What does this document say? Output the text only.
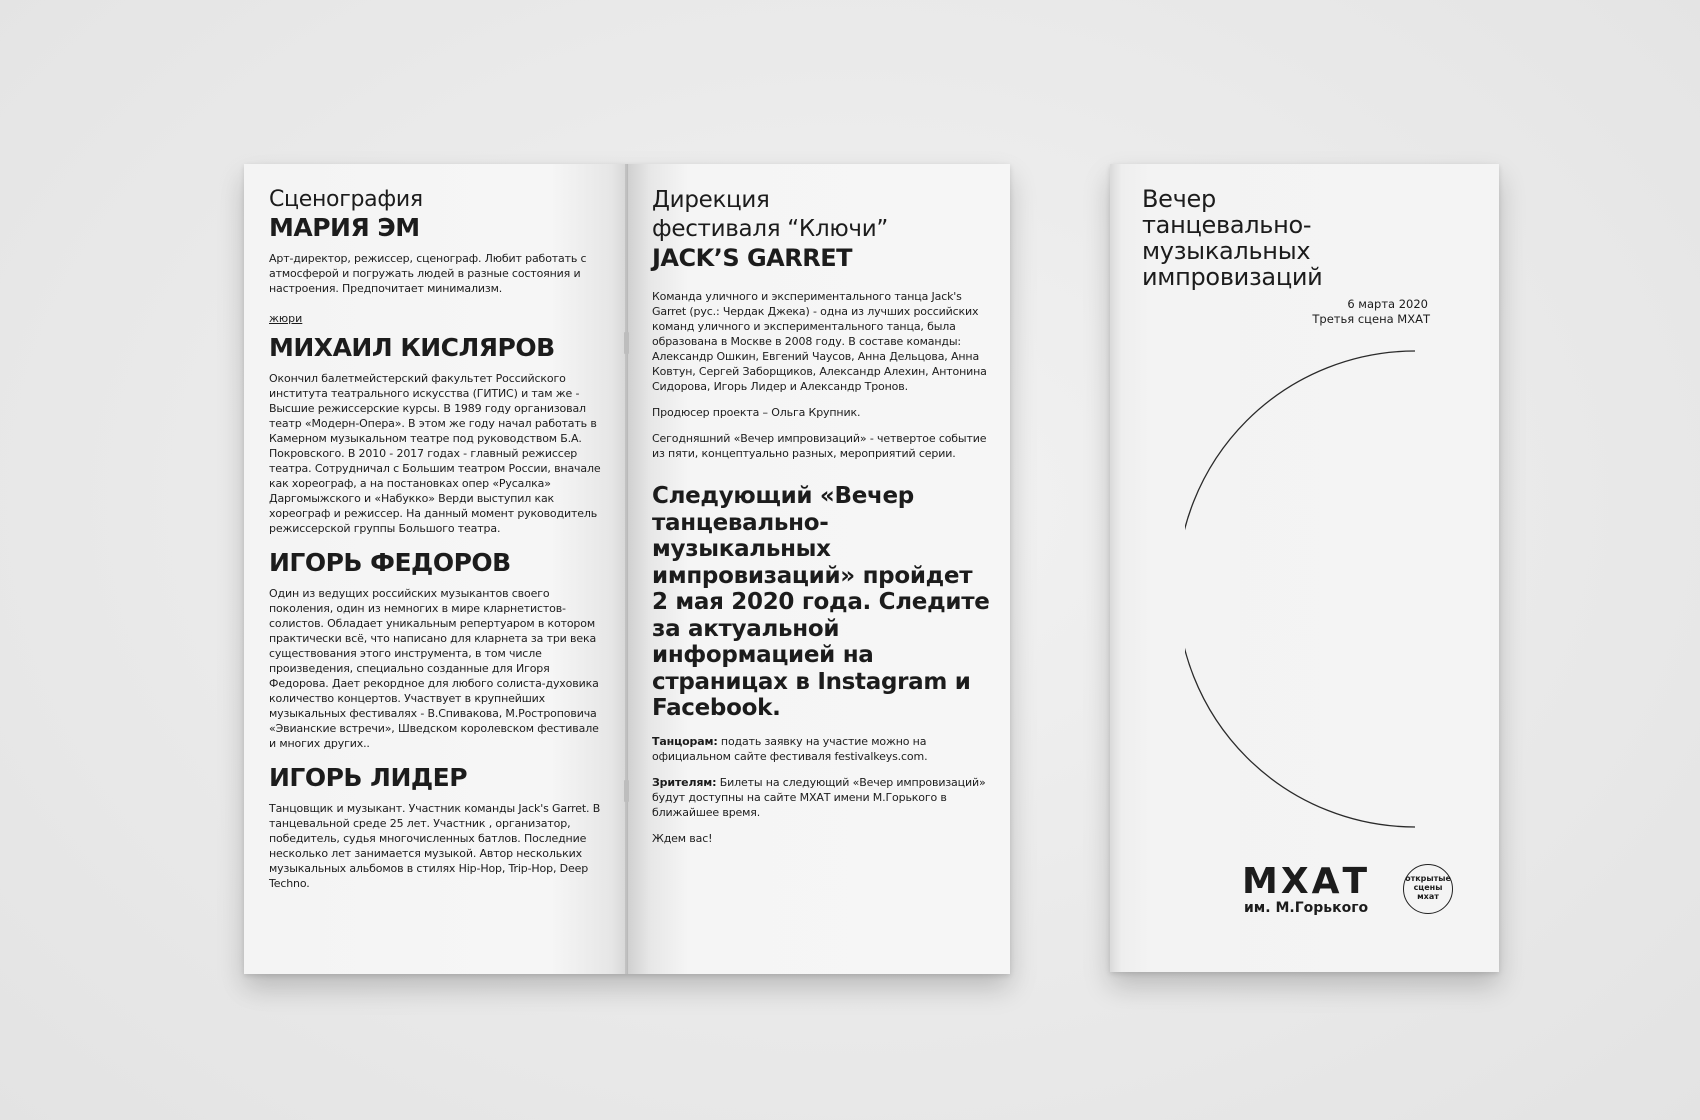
Сценография
МАРИЯ ЭМ

Арт-директор, режиссер, сценограф. Любит работать с атмосферой и погружать людей в разные состояния и настроения. Предпочитает минимализм.

жюри
МИХАИЛ КИСЛЯРОВ

Окончил балетмейстерский факультет Российского института театрального искусства (ГИТИС) и там же - Высшие режиссерские курсы. В 1989 году организовал театр «Модерн-Опера». В этом же году начал работать в Камерном музыкальном театре под руководством Б.А. Покровского. В 2010 - 2017 годах - главный режиссер театра. Сотрудничал с Большим театром России, вначале как хореограф, а на постановках опер «Русалка» Даргомыжского и «Набукко» Верди выступил как хореограф и режиссер. На данный момент руководитель режиссерской группы Большого театра.

ИГОРЬ ФЕДОРОВ

Один из ведущих российских музыкантов своего поколения, один из немногих в мире кларнетистов-солистов. Обладает уникальным репертуаром в котором практически всё, что написано для кларнета за три века существования этого инструмента, в том числе произведения, специально созданные для Игоря Федорова. Дает рекордное для любого солиста-духовика количество концертов. Участвует в крупнейших музыкальных фестивалях - В.Спивакова, М.Ростроповича «Эвианские встречи», Шведском королевском фестивале и многих других..

ИГОРЬ ЛИДЕР

Танцовщик и музыкант. Участник команды Jack's Garret. В танцевальной среде 25 лет. Участник , организатор, победитель, судья многочисленных батлов. Последние несколько лет занимается музыкой. Автор нескольких музыкальных альбомов в стилях Hip-Hop, Trip-Hop, Deep Techno.

Дирекция
фестиваля “Ключи”
JACK’S GARRET

Команда уличного и экспериментального танца Jack's Garret (рус.: Чердак Джека) - одна из лучших российских команд уличного и экспериментального танца, была образована в Москве в 2008 году. В составе команды: Александр Ошкин, Евгений Чаусов, Анна Дельцова, Анна Ковтун, Сергей Заборщиков, Александр Алехин, Антонина Сидорова, Игорь Лидер и Александр Тронов.

Продюсер проекта – Ольга Крупник.

Сегодняшний «Вечер импровизаций» - четвертое событие из пяти, концептуально разных, мероприятий серии.

Следующий «Вечер танцевально-музыкальных импровизаций» пройдет 2 мая 2020 года. Следите за актуальной информацией на страницах в Instagram и Facebook.

Танцорам: подать заявку на участие можно на официальном сайте фестиваля festivalkeys.com.

Зрителям: Билеты на следующий «Вечер импровизаций» будут доступны на сайте МХАТ имени М.Горького в ближайшее время.

Ждем вас!

Вечер
танцевально-
музыкальных
импровизаций
6 марта 2020
Третья сцена МХАТ
МХАТ
им. М.Горького
открытые
сцены
мхат
